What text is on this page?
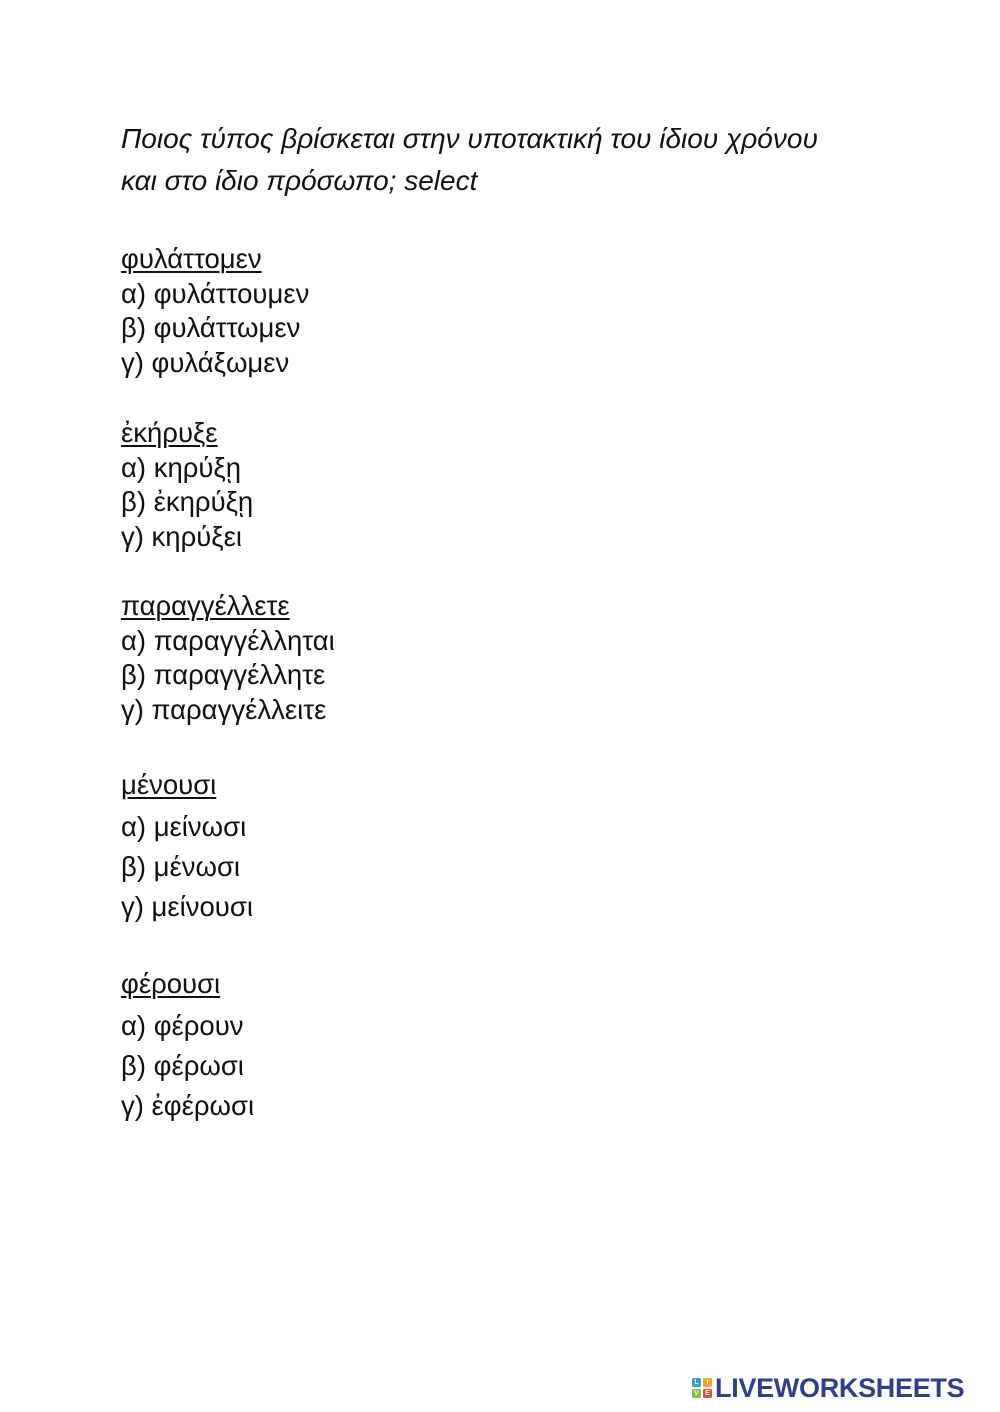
Ποιος τύπος βρίσκεται στην υποτακτική του ίδιου χρόνου
και στο ίδιο πρόσωπο; select
φυλάττομεν
α) φυλάττουμεν
β) φυλάττωμεν
γ) φυλάξωμεν
ἐκήρυξε
α) κηρύξῃ
β) ἐκηρύξῃ
γ) κηρύξει
παραγγέλλετε
α) παραγγέλληται
β) παραγγέλλητε
γ) παραγγέλλειτε
μένουσι
α) μείνωσι
β) μένωσι
γ) μείνουσι
φέρουσι
α) φέρουν
β) φέρωσι
γ) ἐφέρωσι
L	I
V E LIVEWORKSHEETS
